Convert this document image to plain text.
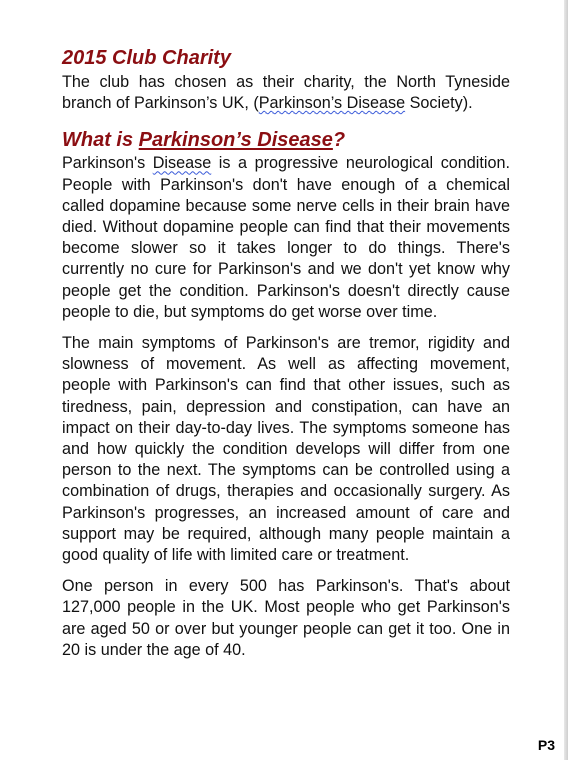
2015 Club Charity

The club has chosen as their charity, the North Tyneside branch of Parkinson’s UK, (Parkinson’s Disease Society).

What is Parkinson’s Disease?

Parkinson's Disease is a progressive neurological condition. People with Parkinson's don't have enough of a chemical called dopamine because some nerve cells in their brain have died. Without dopamine people can find that their movements become slower so it takes longer to do things. There's currently no cure for Parkinson's and we don't yet know why people get the condition. Parkinson's doesn't directly cause people to die, but symptoms do get worse over time.

The main symptoms of Parkinson's are tremor, rigidity and slowness of movement. As well as affecting movement, people with Parkinson's can find that other issues, such as tiredness, pain, depression and constipation, can have an impact on their day-to-day lives. The symptoms someone has and how quickly the condition develops will differ from one person to the next. The symptoms can be controlled using a combination of drugs, therapies and occasionally surgery. As Parkinson's progresses, an increased amount of care and support may be required, although many people maintain a good quality of life with limited care or treatment.

One person in every 500 has Parkinson's. That's about 127,000 people in the UK. Most people who get Parkinson's are aged 50 or over but younger people can get it too. One in 20 is under the age of 40.

P3
